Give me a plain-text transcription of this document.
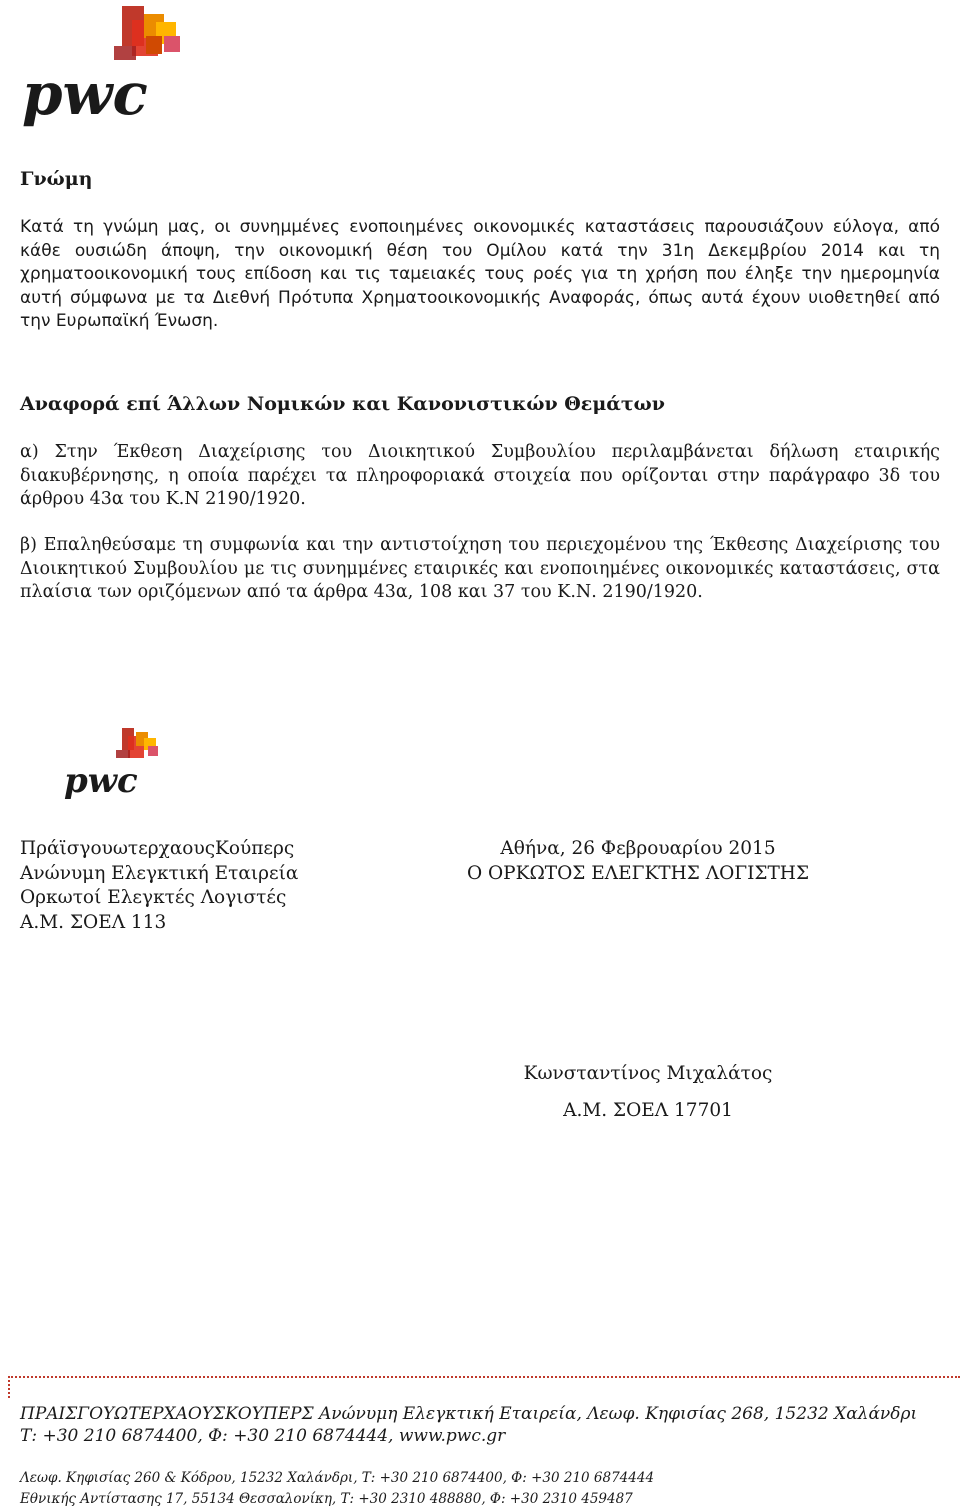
pwc
Γνώμη

Κατά τη γνώμη μας, οι συνημμένες ενοποιημένες οικονομικές καταστάσεις παρουσιάζουν εύλογα, από κάθε ουσιώδη άποψη, την οικονομική θέση του Ομίλου κατά την 31η Δεκεμβρίου 2014 και τη χρηματοοικονομική τους επίδοση και τις ταμειακές τους ροές για τη χρήση που έληξε την ημερομηνία αυτή σύμφωνα με τα Διεθνή Πρότυπα Χρηματοοικονομικής Αναφοράς, όπως αυτά έχουν υιοθετηθεί από την Ευρωπαϊκή Ένωση.

Αναφορά επί Άλλων Νομικών και Κανονιστικών Θεμάτων

α) Στην Έκθεση Διαχείρισης του Διοικητικού Συμβουλίου περιλαμβάνεται δήλωση εταιρικής διακυβέρνησης, η οποία παρέχει τα πληροφοριακά στοιχεία που ορίζονται στην παράγραφο 3δ του άρθρου 43α του Κ.Ν 2190/1920.

β) Επαληθεύσαμε τη συμφωνία και την αντιστοίχηση του περιεχομένου της Έκθεσης Διαχείρισης του Διοικητικού Συμβουλίου με τις συνημμένες εταιρικές και ενοποιημένες οικονομικές καταστάσεις, στα πλαίσια των οριζόμενων από τα άρθρα 43α, 108 και 37 του Κ.Ν. 2190/1920.

pwc
ΠράϊσγουωτερχαουςΚούπερς
Ανώνυμη Ελεγκτική Εταιρεία
Ορκωτοί Ελεγκτές Λογιστές
Α.Μ. ΣΟΕΛ 113
Αθήνα, 26 Φεβρουαρίου 2015
Ο ΟΡΚΩΤΟΣ ΕΛΕΓΚΤΗΣ ΛΟΓΙΣΤΗΣ
Κωνσταντίνος Μιχαλάτος
Α.Μ. ΣΟΕΛ 17701
ΠΡΑΙΣΓΟΥΩΤΕΡΧΑΟΥΣΚΟΥΠΕΡΣ Ανώνυμη Ελεγκτική Εταιρεία, Λεωφ. Κηφισίας 268, 15232 Χαλάνδρι
Τ: +30 210 6874400, Φ: +30 210 6874444, www.pwc.gr
Λεωφ. Κηφισίας 260 & Κόδρου, 15232 Χαλάνδρι, Τ: +30 210 6874400, Φ: +30 210 6874444
Εθνικής Αντίστασης 17, 55134 Θεσσαλονίκη, Τ: +30 2310 488880, Φ: +30 2310 459487
